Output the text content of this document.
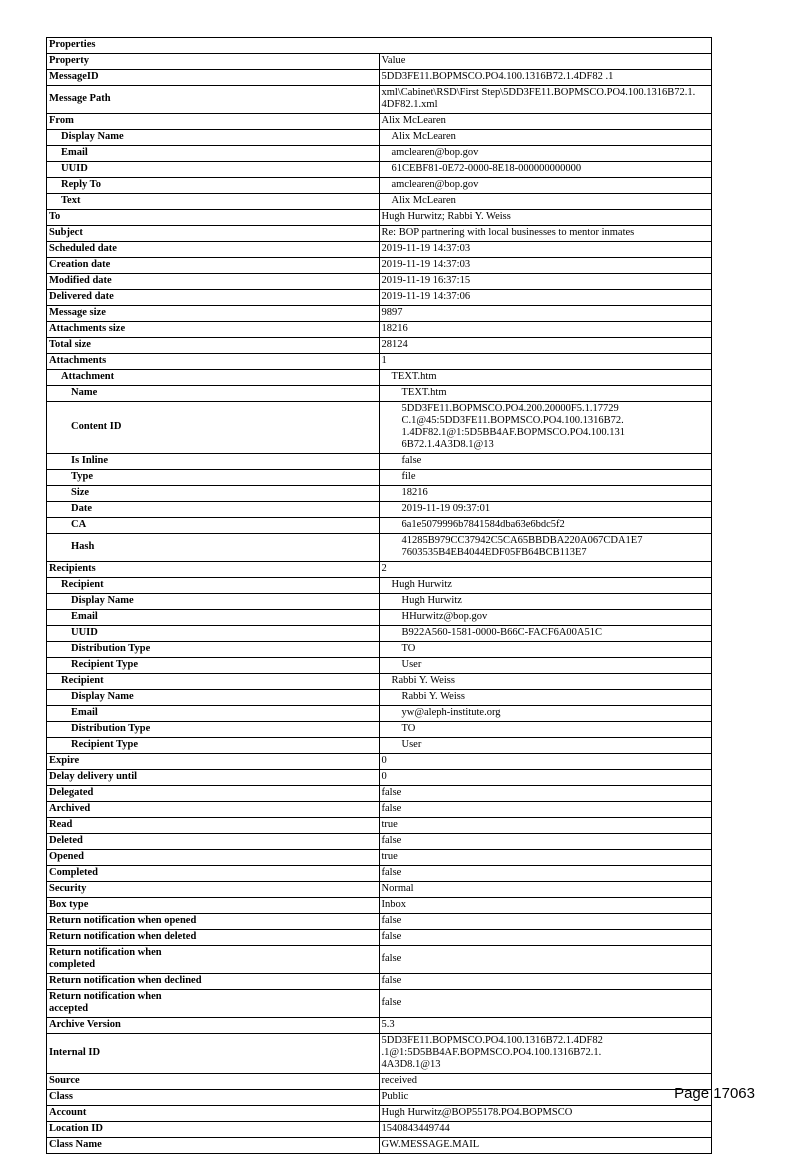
Properties	
Property	Value
MessageID	5DD3FE11.BOPMSCO.PO4.100.1316B72.1.4DF82 .1
Message Path	xml\Cabinet\RSD\First Step\5DD3FE11.BOPMSCO.PO4.100.1316B72.1. 4DF82.1.xml
From	Alix McLearen
Display Name	Alix McLearen
Email	amclearen@bop.gov
UUID	61CEBF81-0E72-0000-8E18-000000000000
Reply To	amclearen@bop.gov
Text	Alix McLearen
To	Hugh Hurwitz; Rabbi Y. Weiss
Subject	Re: BOP partnering with local businesses to mentor inmates
Scheduled date	2019-11-19 14:37:03
Creation date	2019-11-19 14:37:03
Modified date	2019-11-19 16:37:15
Delivered date	2019-11-19 14:37:06
Message size	9897
Attachments size	18216
Total size	28124
Attachments	1
Attachment	TEXT.htm
Name	TEXT.htm
Content ID	5DD3FE11.BOPMSCO.PO4.200.20000F5.1.17729 C.1@45:5DD3FE11.BOPMSCO.PO4.100.1316B72.
1.4DF82.1@1:5D5BB4AF.BOPMSCO.PO4.100.131 6B72.1.4A3D8.1@13

Is Inline	false
Type	file
Size	18216
Date	2019-11-19 09:37:01
CA	6a1e5079996b7841584dba63e6bdc5f2
Hash	41285B979CC37942C5CA65BBDBA220A067CDA1E7 7603535B4EB4044EDF05FB64BCB113E7
Recipients	2
Recipient	Hugh Hurwitz
Display Name	Hugh Hurwitz
Email	HHurwitz@bop.gov
UUID	B922A560-1581-0000-B66C-FACF6A00A51C
Distribution Type	TO
Recipient Type	User
Recipient	Rabbi Y. Weiss
Display Name	Rabbi Y. Weiss
Email	yw@aleph-institute.org
Distribution Type	TO
Recipient Type	User
Expire	0
Delay delivery until	0
Delegated	false
Archived	false
Read	true
Deleted	false
Opened	true
Completed	false
Security	Normal
Box type	Inbox
Return notification when opened	false
Return notification when deleted	false

Return notification when
completed	false
Return notification when declined	false

Return notification when
accepted	false
Archive Version	5.3
Internal ID	5DD3FE11.BOPMSCO.PO4.100.1316B72.1.4DF82 .1@1:5D5BB4AF.BOPMSCO.PO4.100.1316B72.1.
4A3D8.1@13

Source	received
Class	Public
Account	Hugh Hurwitz@BOP55178.PO4.BOPMSCO
Location ID	1540843449744
Class Name	GW.MESSAGE.MAIL
Page 17063
